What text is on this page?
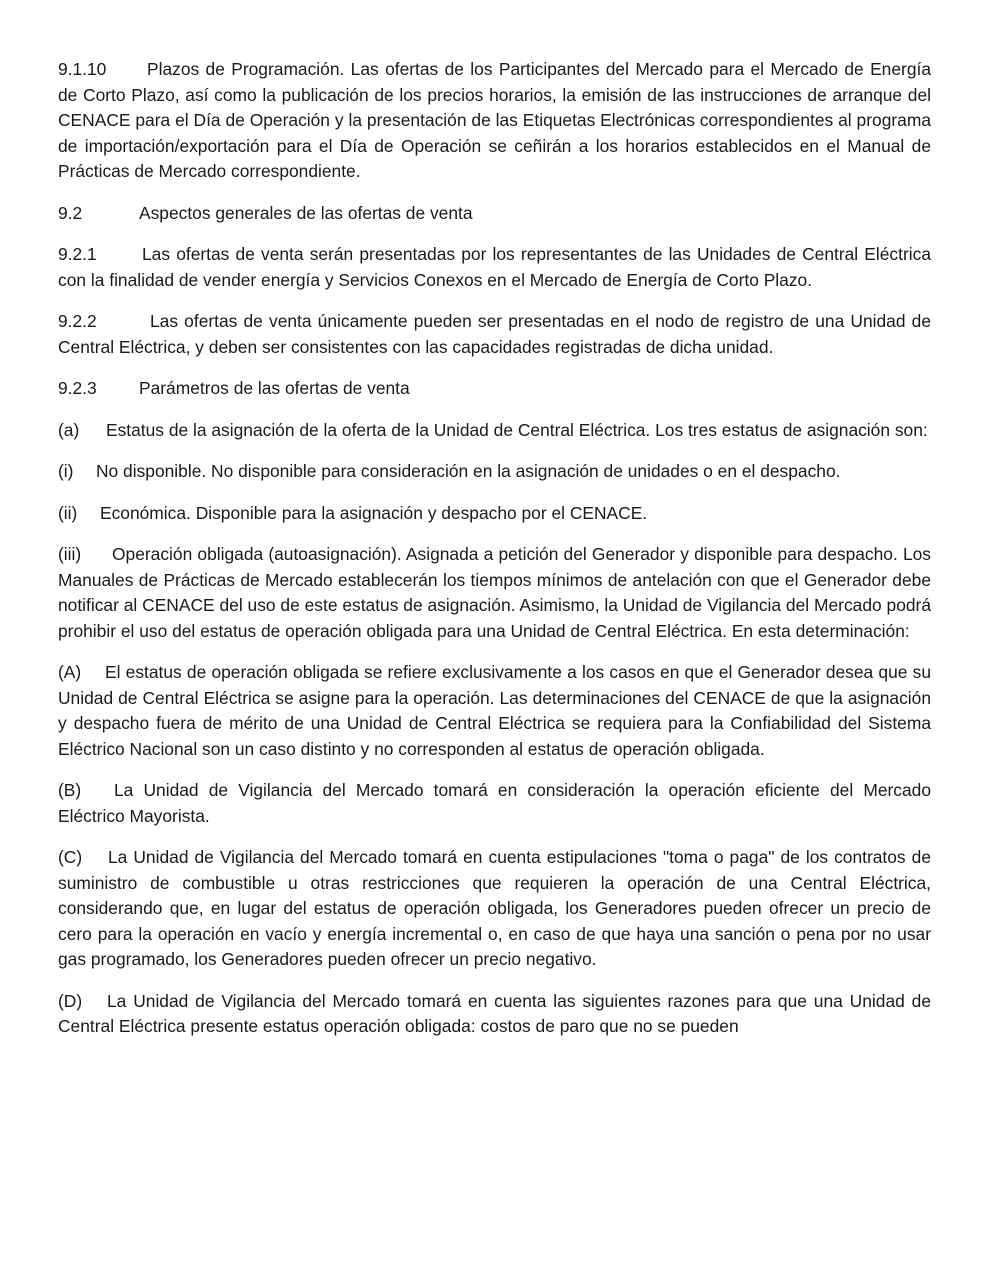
9.1.10 Plazos de Programación. Las ofertas de los Participantes del Mercado para el Mercado de Energía de Corto Plazo, así como la publicación de los precios horarios, la emisión de las instrucciones de arranque del CENACE para el Día de Operación y la presentación de las Etiquetas Electrónicas correspondientes al programa de importación/exportación para el Día de Operación se ceñirán a los horarios establecidos en el Manual de Prácticas de Mercado correspondiente.

9.2	Aspectos generales de las ofertas de venta

9.2.1	Las ofertas de venta serán presentadas por los representantes de las Unidades de Central Eléctrica con la finalidad de vender energía y Servicios Conexos en el Mercado de Energía de Corto Plazo.

9.2.2	Las ofertas de venta únicamente pueden ser presentadas en el nodo de registro de una Unidad de Central Eléctrica, y deben ser consistentes con las capacidades registradas de dicha unidad.

9.2.3 Parámetros de las ofertas de venta

(a) Estatus de la asignación de la oferta de la Unidad de Central Eléctrica. Los tres estatus de asignación son:

(i) No disponible. No disponible para consideración en la asignación de unidades o en el despacho.

(ii) Económica. Disponible para la asignación y despacho por el CENACE.

(iii) Operación obligada (autoasignación). Asignada a petición del Generador y disponible para despacho. Los Manuales de Prácticas de Mercado establecerán los tiempos mínimos de antelación con que el Generador debe notificar al CENACE del uso de este estatus de asignación. Asimismo, la Unidad de Vigilancia del Mercado podrá prohibir el uso del estatus de operación obligada para una Unidad de Central Eléctrica. En esta determinación:

(A) El estatus de operación obligada se refiere exclusivamente a los casos en que el Generador desea que su Unidad de Central Eléctrica se asigne para la operación. Las determinaciones del CENACE de que la asignación y despacho fuera de mérito de una Unidad de Central Eléctrica se requiera para la Confiabilidad del Sistema Eléctrico Nacional son un caso distinto y no corresponden al estatus de operación obligada.

(B) La Unidad de Vigilancia del Mercado tomará en consideración la operación eficiente del Mercado Eléctrico Mayorista.

(C) La Unidad de Vigilancia del Mercado tomará en cuenta estipulaciones "toma o paga" de los contratos de suministro de combustible u otras restricciones que requieren la operación de una Central Eléctrica, considerando que, en lugar del estatus de operación obligada, los Generadores pueden ofrecer un precio de cero para la operación en vacío y energía incremental o, en caso de que haya una sanción o pena por no usar gas programado, los Generadores pueden ofrecer un precio negativo.

(D) La Unidad de Vigilancia del Mercado tomará en cuenta las siguientes razones para que una Unidad de Central Eléctrica presente estatus operación obligada: costos de paro que no se pueden
